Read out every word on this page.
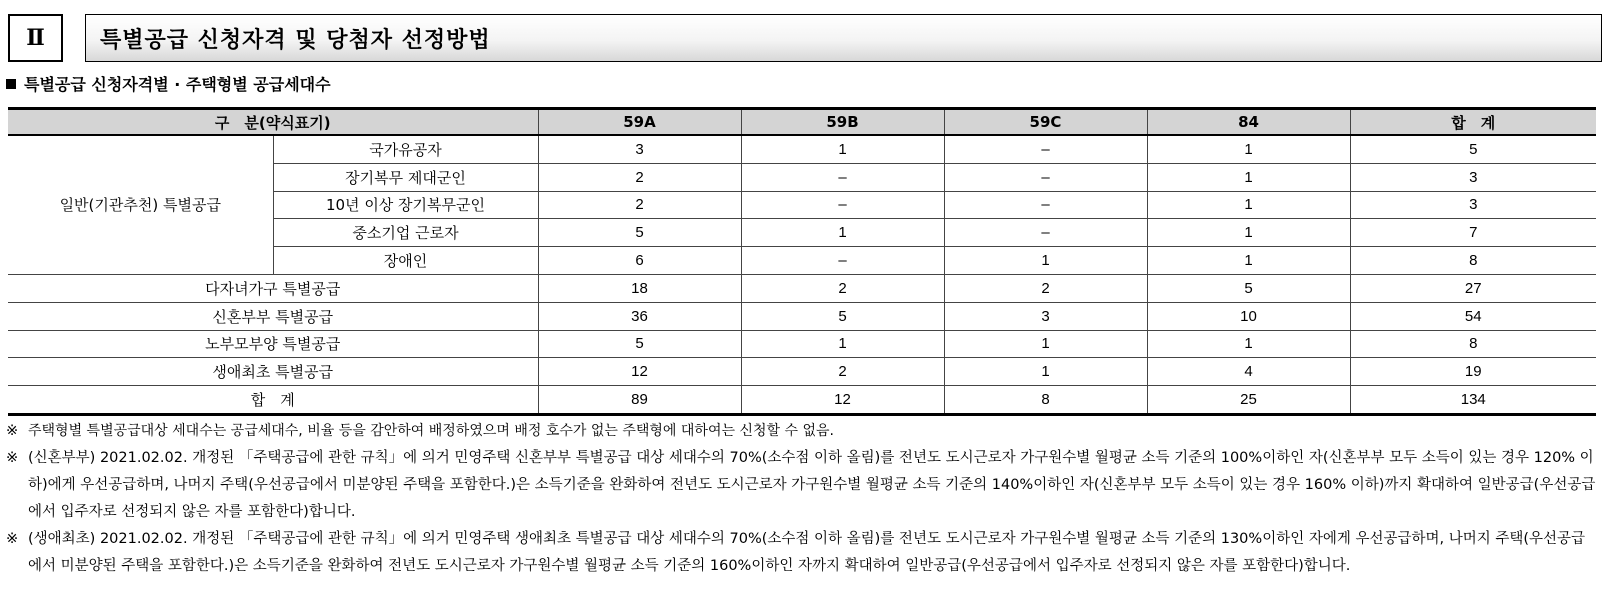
Ⅱ	특별공급 신청자격 및 당첨자 선정방법
특별공급 신청자격별 · 주택형별 공급세대수
구　분(약식표기)		59A	59B	59C	84	합　계
일반(기관추천) 특별공급	국가유공자	3	1	–	1	5
	장기복무 제대군인	2	–	–	1	3
	10년 이상 장기복무군인	2	–	–	1	3
	중소기업 근로자	5	1	–	1	7
	장애인	6	–	1	1	8
다자녀가구 특별공급		18	2	2	5	27
신혼부부 특별공급		36	5	3	10	54
노부모부양 특별공급		5	1	1	1	8
생애최초 특별공급		12	2	1	4	19
합　계		89	12	8	25	134
※ 주택형별 특별공급대상 세대수는 공급세대수, 비율 등을 감안하여 배정하였으며 배정 호수가 없는 주택형에 대하여는 신청할 수 없음.
※ (신혼부부) 2021.02.02. 개정된 「주택공급에 관한 규칙」에 의거 민영주택 신혼부부 특별공급 대상 세대수의 70%(소수점 이하 올림)를 전년도 도시근로자 가구원수별 월평균 소득 기준의 100%이하인 자(신혼부부 모두 소득이 있는 경우 120% 이하)에게 우선공급하며, 나머지 주택(우선공급에서 미분양된 주택을 포함한다.)은 소득기준을 완화하여 전년도 도시근로자 가구원수별 월평균 소득 기준의 140%이하인 자(신혼부부 모두 소득이 있는 경우 160% 이하)까지 확대하여 일반공급(우선공급에서 입주자로 선정되지 않은 자를 포함한다)합니다.
※ (생애최초) 2021.02.02. 개정된 「주택공급에 관한 규칙」에 의거 민영주택 생애최초 특별공급 대상 세대수의 70%(소수점 이하 올림)를 전년도 도시근로자 가구원수별 월평균 소득 기준의 130%이하인 자에게 우선공급하며, 나머지 주택(우선공급에서 미분양된 주택을 포함한다.)은 소득기준을 완화하여 전년도 도시근로자 가구원수별 월평균 소득 기준의 160%이하인 자까지 확대하여 일반공급(우선공급에서 입주자로 선정되지 않은 자를 포함한다)합니다.
